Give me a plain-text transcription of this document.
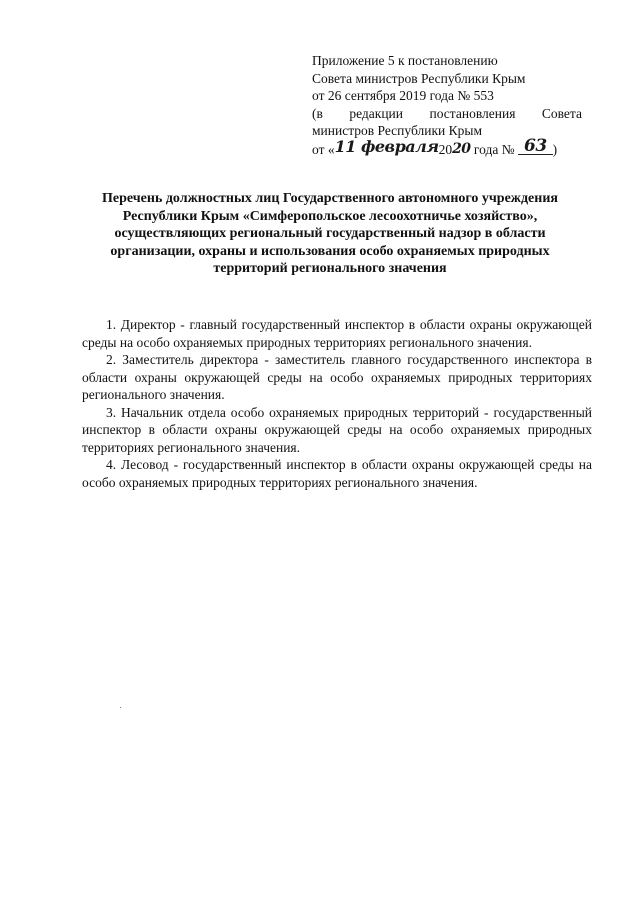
Приложение 5 к постановлению
Совета министров Республики Крым
от 26 сентября 2019 года № 553
(в редакции постановления Совета
министров Республики Крым
от «11 февраля2020 года № 63 )
Перечень должностных лиц Государственного автономного учреждения
Республики Крым «Симферопольское лесоохотничье хозяйство»,
осуществляющих региональный государственный надзор в области
организации, охраны и использования особо охраняемых природных
территорий регионального значения

1. Директор - главный государственный инспектор в области охраны окружающей среды на особо охраняемых природных территориях регионального значения.

2. Заместитель директора - заместитель главного государственного инспектора в области охраны окружающей среды на особо охраняемых природных территориях регионального значения.

3. Начальник отдела особо охраняемых природных территорий - государственный инспектор в области охраны окружающей среды на особо охраняемых природных территориях регионального значения.

4. Лесовод - государственный инспектор в области охраны окружающей среды на особо охраняемых природных территориях регионального значения.
